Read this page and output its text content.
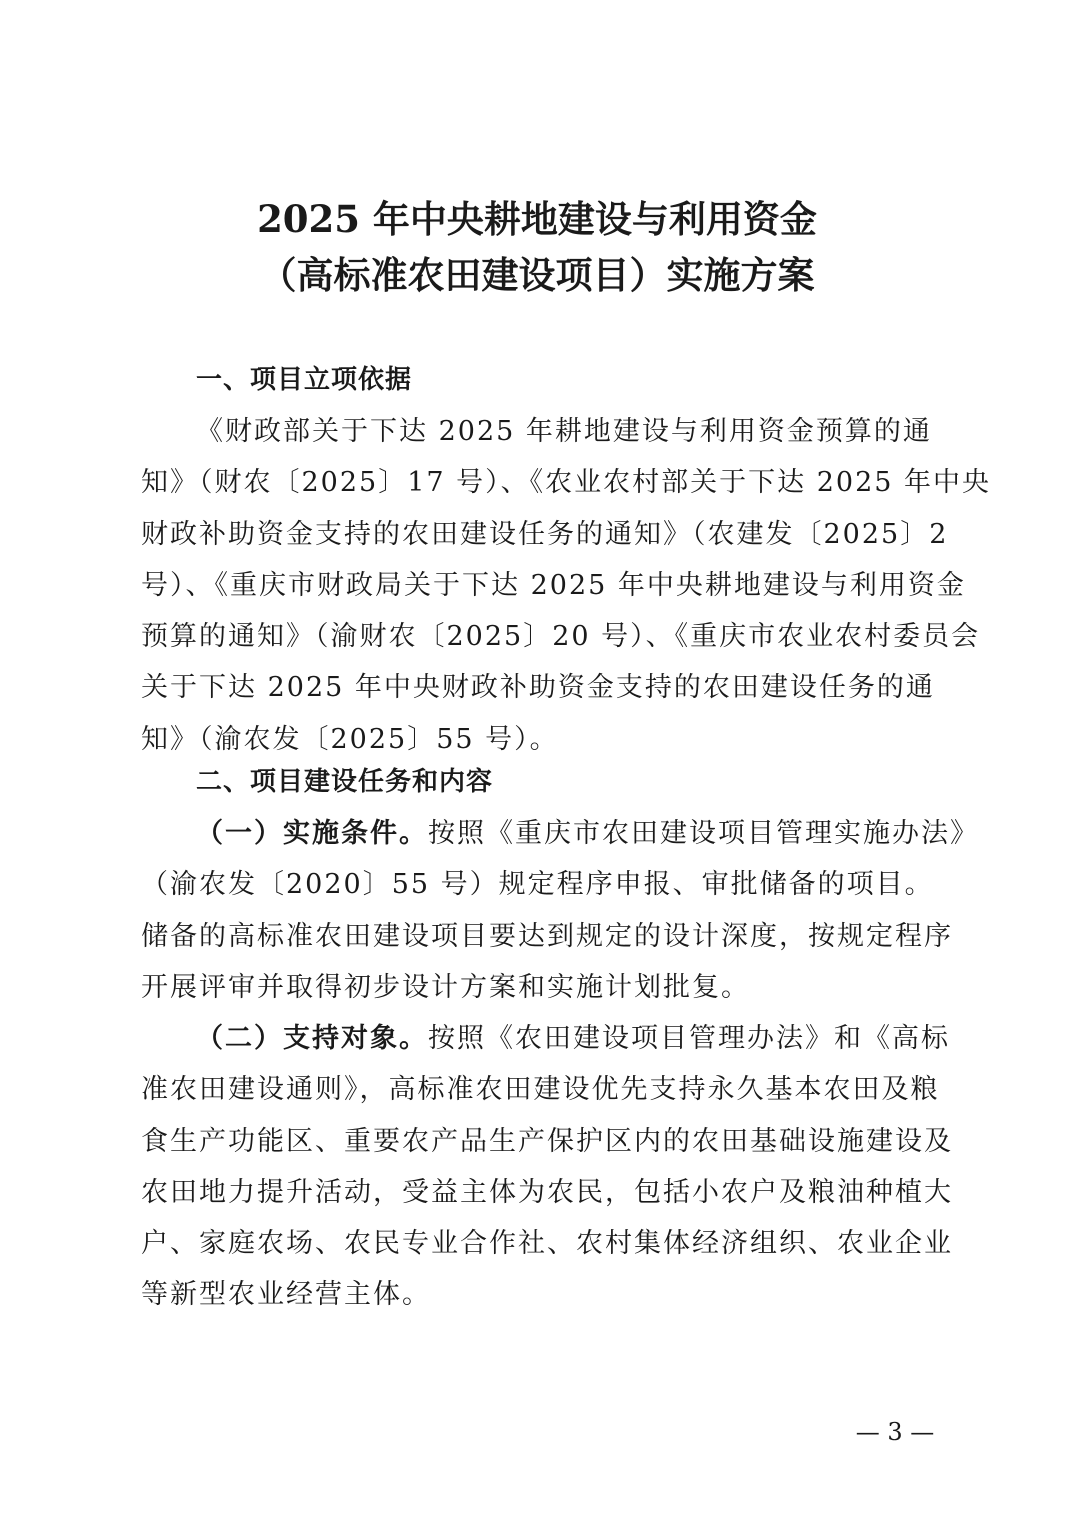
2025 年中央耕地建设与利用资金
（高标准农田建设项目）实施方案
一、项目立项依据
《财政部关于下达 2025 年耕地建设与利用资金预算的通
知》（财农〔2025〕17 号）、《农业农村部关于下达 2025 年中央
财政补助资金支持的农田建设任务的通知》（农建发〔2025〕2
号）、《重庆市财政局关于下达 2025 年中央耕地建设与利用资金
预算的通知》（渝财农〔2025〕20 号）、《重庆市农业农村委员会
关于下达 2025 年中央财政补助资金支持的农田建设任务的通
知》（渝农发〔2025〕55 号）。
二、项目建设任务和内容
（一）实施条件。按照《重庆市农田建设项目管理实施办法》
（渝农发〔2020〕55 号）规定程序申报、审批储备的项目。
储备的高标准农田建设项目要达到规定的设计深度，按规定程序
开展评审并取得初步设计方案和实施计划批复。
（二）支持对象。按照《农田建设项目管理办法》和《高标
准农田建设通则》，高标准农田建设优先支持永久基本农田及粮
食生产功能区、重要农产品生产保护区内的农田基础设施建设及
农田地力提升活动，受益主体为农民，包括小农户及粮油种植大
户、家庭农场、农民专业合作社、农村集体经济组织、农业企业
等新型农业经营主体。
— 3 —
